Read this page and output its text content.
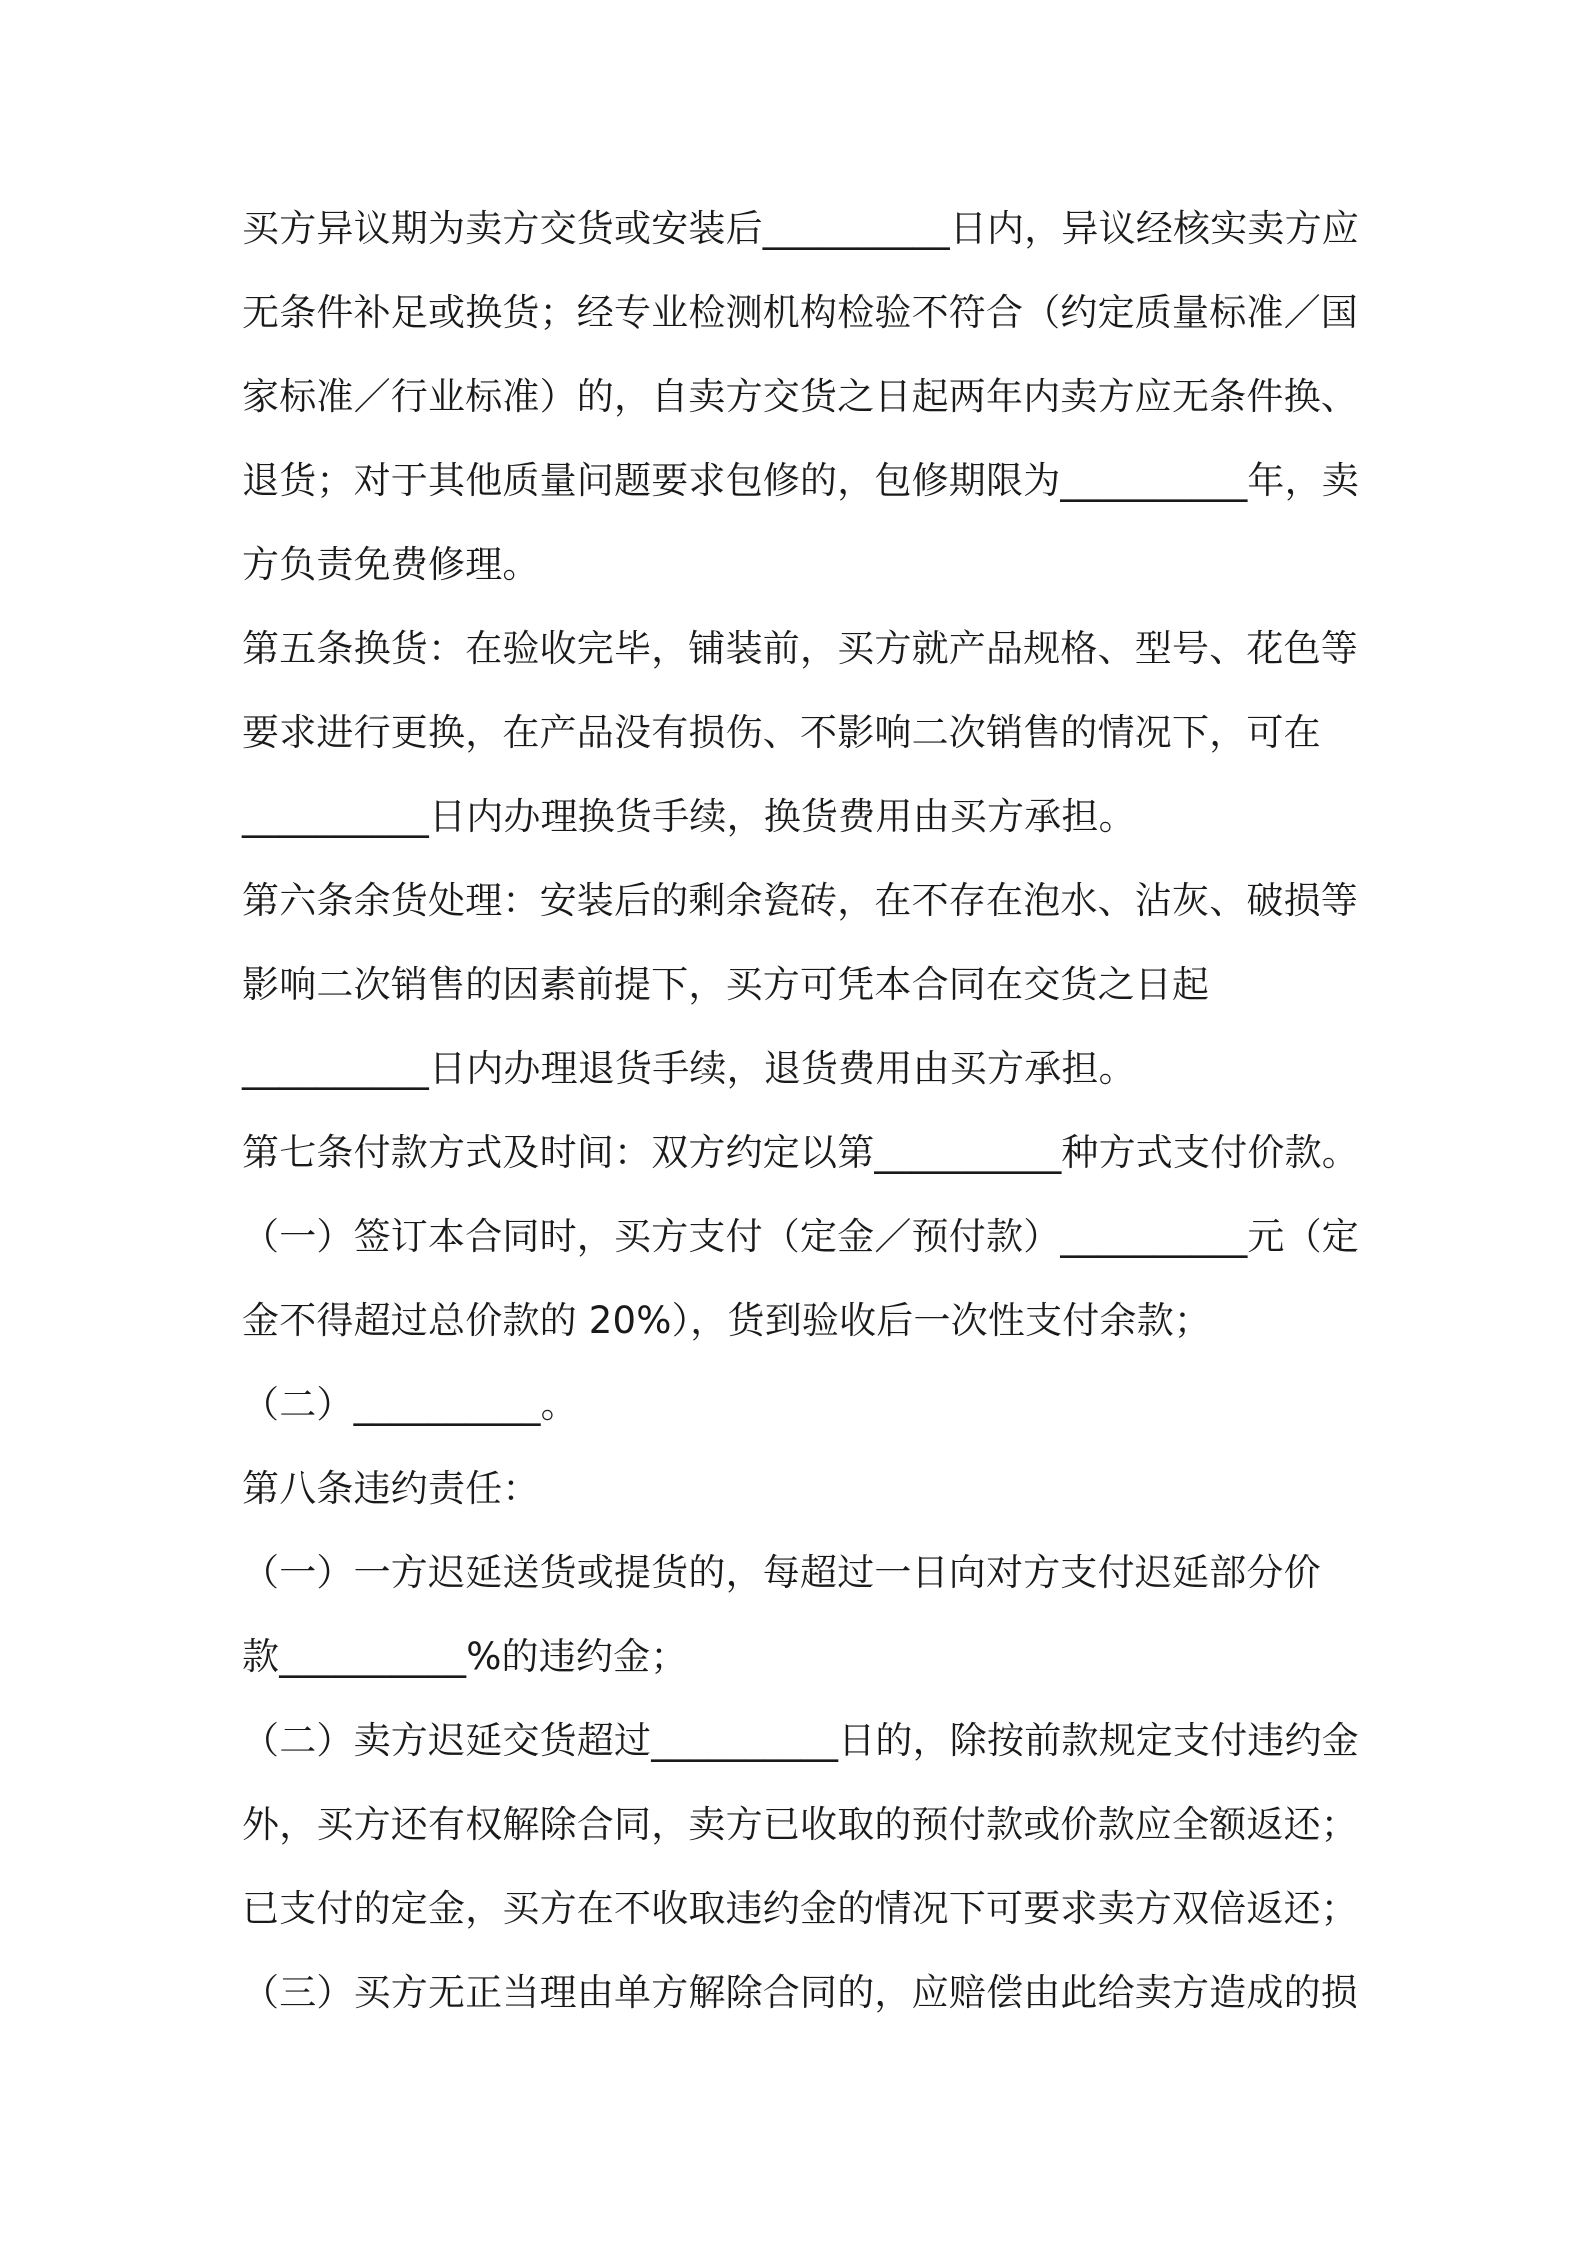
买方异议期为卖方交货或安装后__________日内，异议经核实卖方应
无条件补足或换货；经专业检测机构检验不符合（约定质量标准／国
家标准／行业标准）的，自卖方交货之日起两年内卖方应无条件换、
退货；对于其他质量问题要求包修的，包修期限为__________年，卖
方负责免费修理。
第五条换货：在验收完毕，铺装前，买方就产品规格、型号、花色等
要求进行更换，在产品没有损伤、不影响二次销售的情况下，可在
__________日内办理换货手续，换货费用由买方承担。
第六条余货处理：安装后的剩余瓷砖，在不存在泡水、沾灰、破损等
影响二次销售的因素前提下，买方可凭本合同在交货之日起
__________日内办理退货手续，退货费用由买方承担。
第七条付款方式及时间：双方约定以第__________种方式支付价款。
（一）签订本合同时，买方支付（定金／预付款）__________元（定
金不得超过总价款的 20%），货到验收后一次性支付余款；
（二）__________。
第八条违约责任：
（一）一方迟延送货或提货的，每超过一日向对方支付迟延部分价
款__________%的违约金；
（二）卖方迟延交货超过__________日的，除按前款规定支付违约金
外，买方还有权解除合同，卖方已收取的预付款或价款应全额返还；
已支付的定金，买方在不收取违约金的情况下可要求卖方双倍返还；
（三）买方无正当理由单方解除合同的，应赔偿由此给卖方造成的损
